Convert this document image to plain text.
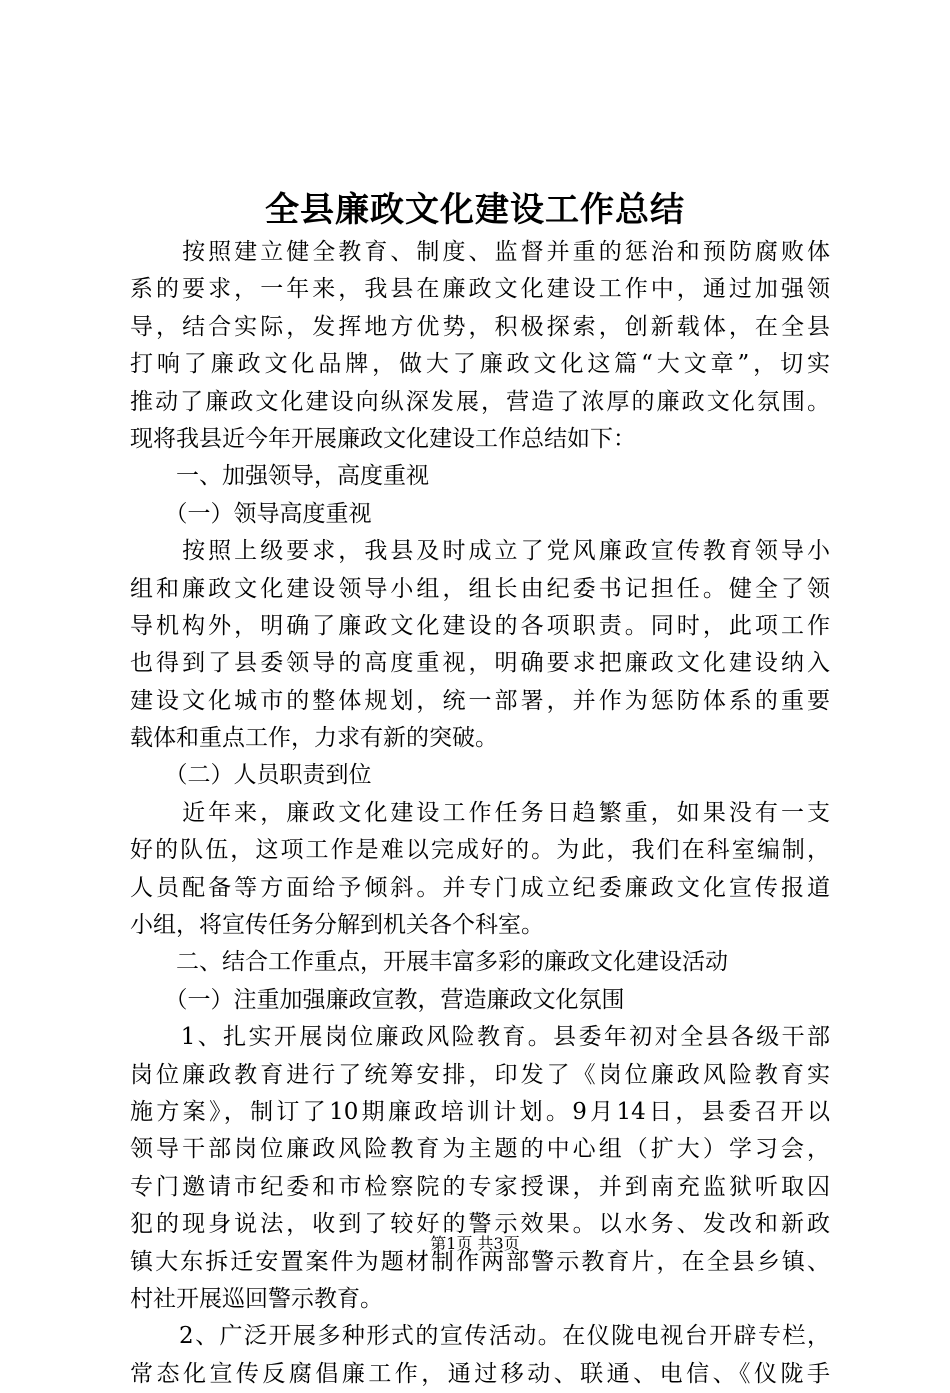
全县廉政文化建设工作总结
　　按照建立健全教育、制度、监督并重的惩治和预防腐败体
系的要求，一年来，我县在廉政文化建设工作中，通过加强领
导，结合实际，发挥地方优势，积极探索，创新载体，在全县
打响了廉政文化品牌，做大了廉政文化这篇“大文章”，切实
推动了廉政文化建设向纵深发展，营造了浓厚的廉政文化氛围。
现将我县近今年开展廉政文化建设工作总结如下：
　　一、加强领导，高度重视
　　（一）领导高度重视
　　按照上级要求，我县及时成立了党风廉政宣传教育领导小
组和廉政文化建设领导小组，组长由纪委书记担任。健全了领
导机构外，明确了廉政文化建设的各项职责。同时，此项工作
也得到了县委领导的高度重视，明确要求把廉政文化建设纳入
建设文化城市的整体规划，统一部署，并作为惩防体系的重要
载体和重点工作，力求有新的突破。
　　（二）人员职责到位
　　近年来，廉政文化建设工作任务日趋繁重，如果没有一支
好的队伍，这项工作是难以完成好的。为此，我们在科室编制，
人员配备等方面给予倾斜。并专门成立纪委廉政文化宣传报道
小组，将宣传任务分解到机关各个科室。
　　二、结合工作重点，开展丰富多彩的廉政文化建设活动
　　（一）注重加强廉政宣教，营造廉政文化氛围
　　1、扎实开展岗位廉政风险教育。县委年初对全县各级干部
岗位廉政教育进行了统筹安排，印发了《岗位廉政风险教育实
施方案》，制订了10期廉政培训计划。9月14日，县委召开以
领导干部岗位廉政风险教育为主题的中心组（扩大）学习会，
专门邀请市纪委和市检察院的专家授课，并到南充监狱听取囚
犯的现身说法，收到了较好的警示效果。以水务、发改和新政
镇大东拆迁安置案件为题材制作两部警示教育片，在全县乡镇、
村社开展巡回警示教育。
　　2、广泛开展多种形式的宣传活动。在仪陇电视台开辟专栏，
常态化宣传反腐倡廉工作，通过移动、联通、电信、《仪陇手
第1页 共3页
